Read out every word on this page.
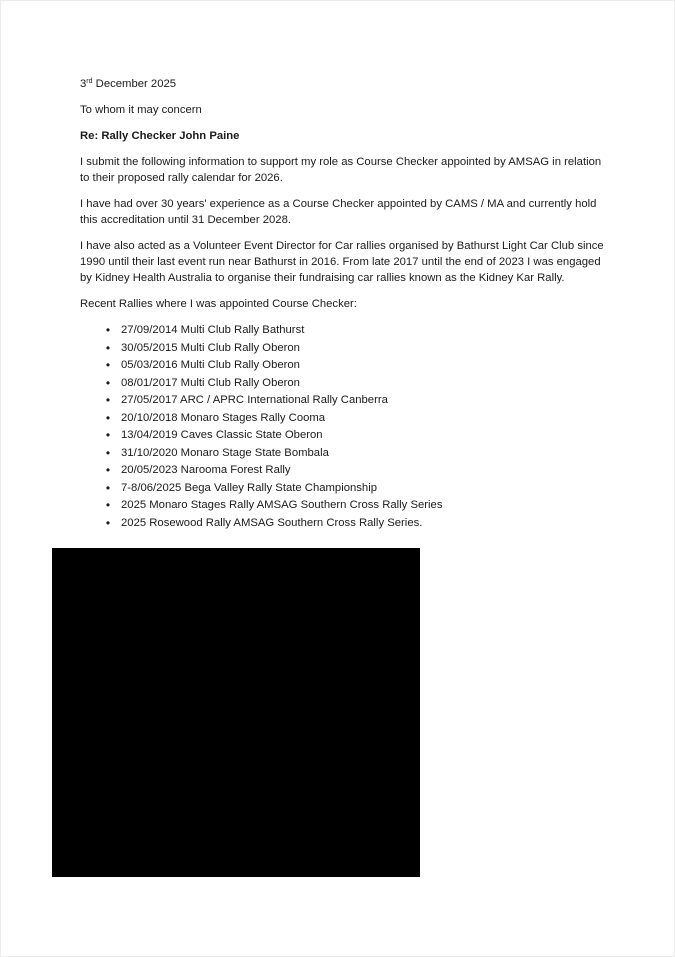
3rd December 2025

To whom it may concern

Re: Rally Checker John Paine

I submit the following information to support my role as Course Checker appointed by AMSAG in relation to their proposed rally calendar for 2026.

I have had over 30 years' experience as a Course Checker appointed by CAMS / MA and currently hold this accreditation until 31 December 2028.

I have also acted as a Volunteer Event Director for Car rallies organised by Bathurst Light Car Club since 1990 until their last event run near Bathurst in 2016. From late 2017 until the end of 2023 I was engaged by Kidney Health Australia to organise their fundraising car rallies known as the Kidney Kar Rally.

Recent Rallies where I was appointed Course Checker:

• 27/09/2014 Multi Club Rally Bathurst
• 30/05/2015 Multi Club Rally Oberon
• 05/03/2016 Multi Club Rally Oberon
• 08/01/2017 Multi Club Rally Oberon
• 27/05/2017 ARC / APRC International Rally Canberra
• 20/10/2018 Monaro Stages Rally Cooma
• 13/04/2019 Caves Classic State Oberon
• 31/10/2020 Monaro Stage State Bombala
• 20/05/2023 Narooma Forest Rally
• 7-8/06/2025 Bega Valley Rally State Championship
• 2025 Monaro Stages Rally AMSAG Southern Cross Rally Series
• 2025 Rosewood Rally AMSAG Southern Cross Rally Series.
